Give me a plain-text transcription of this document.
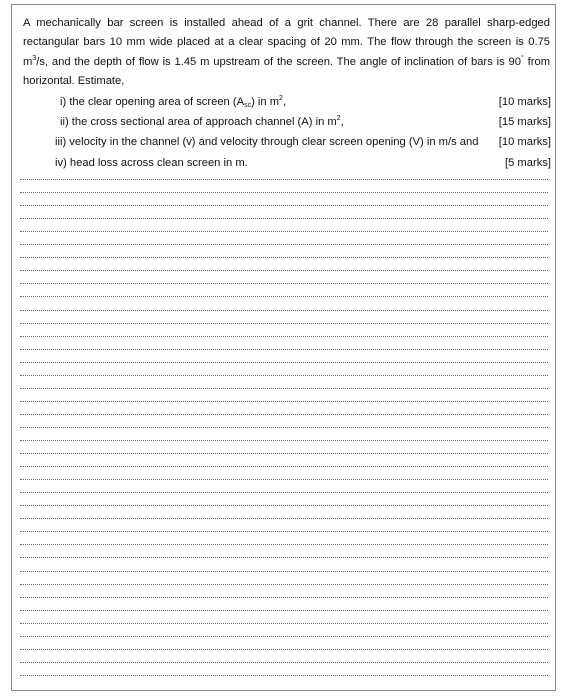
A mechanically bar screen is installed ahead of a grit channel. There are 28 parallel sharp-edged rectangular bars 10 mm wide placed at a clear spacing of 20 mm. The flow through the screen is 0.75 $m^3/s$, and the depth of flow is 1.45 m upstream of the screen. The angle of inclination of bars is 90° from horizontal. Estimate,

i) the clear opening area of screen $(A_{sc})$ in $m^2$,	[10 marks]
ii) the cross sectional area of approach channel (A) in $m^2$,	[15 marks]
iii) velocity in the channel (v) and velocity through clear screen opening (V) in m/s and [10 marks]
iv) head loss across clean screen in m.	[5 marks]
